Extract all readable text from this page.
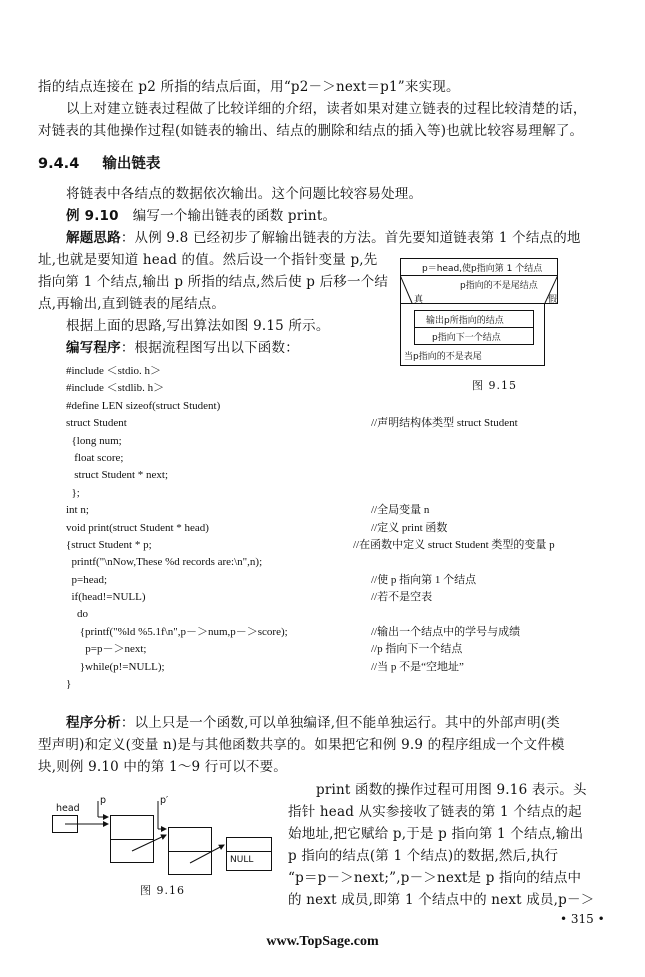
指的结点连接在 p2 所指的结点后面，用“p2－＞next＝p1”来实现。
以上对建立链表过程做了比较详细的介绍，读者如果对建立链表的过程比较清楚的话，
对链表的其他操作过程(如链表的输出、结点的删除和结点的插入等)也就比较容易理解了。
9.4.4 输出链表
将链表中各结点的数据依次输出。这个问题比较容易处理。
例 9.10 编写一个输出链表的函数 print。
解题思路：从例 9.8 已经初步了解输出链表的方法。首先要知道链表第 1 个结点的地
址,也就是要知道 head 的值。然后设一个指针变量 p,先
指向第 1 个结点,输出 p 所指的结点,然后使 p 后移一个结
点,再输出,直到链表的尾结点。
根据上面的思路,写出算法如图 9.15 所示。
编写程序：根据流程图写出以下函数：
p＝head,使p指向第 1 个结点
p指向的不是尾结点
真	假
输出p所指向的结点
p指向下一个结点
当p指向的不是表尾
图 9.15
#include ＜stdio. h＞
#include ＜stdlib. h＞
#define LEN sizeof(struct Student)
struct Student	//声明结构体类型 struct Student
{long num;
float score;
struct Student * next;
};
int n;	//全局变量 n
void print(struct Student * head)	//定义 print 函数
{struct Student * p;	//在函数中定义 struct Student 类型的变量 p
printf("\nNow,These %d records are:\n",n);
p=head;	//使 p 指向第 1 个结点
if(head!=NULL)	//若不是空表
do
{printf("%ld %5.1f\n",p－＞num,p－＞score);	//输出一个结点中的学号与成绩
p=p－＞next;	//p 指向下一个结点
}while(p!=NULL);	//当 p 不是“空地址”
}
程序分析：以上只是一个函数,可以单独编译,但不能单独运行。其中的外部声明(类
型声明)和定义(变量 n)是与其他函数共享的。如果把它和例 9.9 的程序组成一个文件模
块,则例 9.10 中的第 1～9 行可以不要。
print 函数的操作过程可用图 9.16 表示。头
指针 head 从实参接收了链表的第 1 个结点的起
始地址,把它赋给 p,于是 p 指向第 1 个结点,输出
p 指向的结点(第 1 个结点)的数据,然后,执行
“p＝p－＞next;”,p－＞next是 p 指向的结点中
的 next 成员,即第 1 个结点中的 next 成员,p－＞
head
p	p′
NULL
图 9.16
• 315 •
www.TopSage.com
